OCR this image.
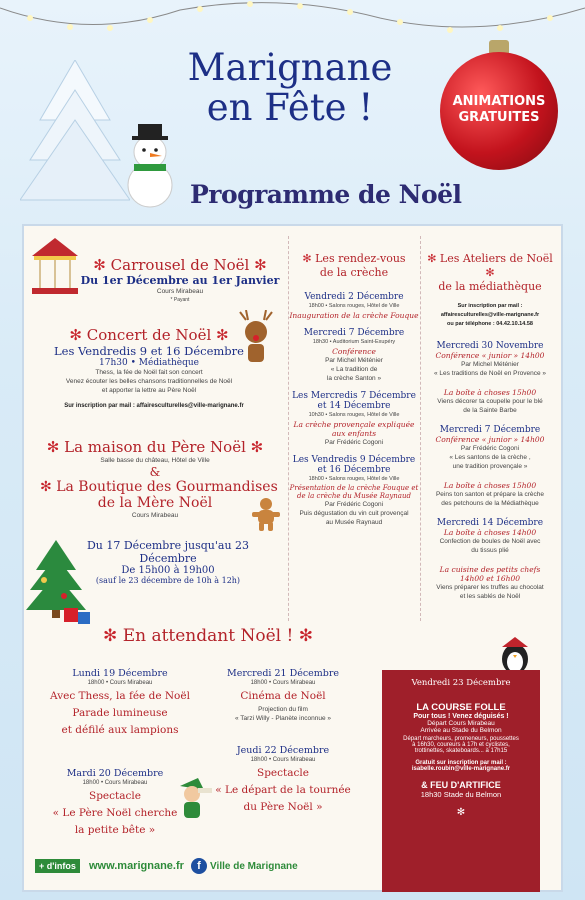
Marignane
en Fête !	ANIMATIONS
GRATUITES
Programme de Noël
✻ Carrousel de Noël ✻
Du 1er Décembre au 1er Janvier
Cours Mirabeau
* Payant
✻ Concert de Noël ✻
Les Vendredis 9 et 16 Décembre
17h30 • Médiathèque
Thess, la fée de Noël fait son concert
Venez écouter les belles chansons traditionnelles de Noël
et apporter la lettre au Père Noël
Sur inscription par mail : affairesculturelles@ville-marignane.fr
✻ La maison du Père Noël ✻
Salle basse du château, Hôtel de Ville
&
✻ La Boutique des Gourmandises
de la Mère Noël
Cours Mirabeau
Du 17 Décembre jusqu'au 23 Décembre
De 15h00 à 19h00
(sauf le 23 décembre de 10h à 12h)
✻ Les rendez-vous
de la crèche
Vendredi 2 Décembre
18h00 • Salons rouges, Hôtel de Ville
Inauguration de la crèche Fouque
Mercredi 7 Décembre
18h30 • Auditorium Saint-Exupéry
Conférence
Par Michel Méténier
« La tradition de
la crèche Santon »
Les Mercredis 7 Décembre
et 14 Décembre
10h30 • Salons rouges, Hôtel de Ville
La crèche provençale expliquée
aux enfants
Par Frédéric Cogoni
Les Vendredis 9 Décembre
et 16 Décembre
18h00 • Salons rouges, Hôtel de Ville
Présentation de la crèche Fouque et
de la crèche du Musée Raynaud
Par Frédéric Cogoni
Puis dégustation du vin cuit provençal
au Musée Raynaud
✻ Les Ateliers de Noël ✻
de la médiathèque
Sur inscription par mail :
affairesculturelles@ville-marignane.fr
ou par téléphone : 04.42.10.14.58
Mercredi 30 Novembre
Conférence « junior » 14h00
Par Michel Méténier
« Les traditions de Noël en Provence »
La boîte à choses 15h00
Viens décorer ta coupelle pour le blé
de la Sainte Barbe
Mercredi 7 Décembre
Conférence « junior » 14h00
Par Frédéric Cogoni
« Les santons de la crèche ,
une tradition provençale »
La boîte à choses 15h00
Peins ton santon et prépare la crèche
des petchouns de la Médiathèque
Mercredi 14 Décembre
La boîte à choses 14h00
Confection de boules de Noël avec
du tissus plié
La cuisine des petits chefs
14h00 et 16h00
Viens préparer les truffes au chocolat
et les sablés de Noël
✻ En attendant Noël ! ✻
Lundi 19 Décembre
18h00 • Cours Mirabeau
Avec Thess, la fée de Noël
Parade lumineuse
et défilé aux lampions
Mardi 20 Décembre
18h00 • Cours Mirabeau
Spectacle
« Le Père Noël cherche
la petite bête »
Mercredi 21 Décembre
18h00 • Cours Mirabeau
Cinéma de Noël
Projection du film
« Tarzi Willy - Planète inconnue »
Jeudi 22 Décembre
18h00 • Cours Mirabeau
Spectacle
« Le départ de la tournée
du Père Noël »
Vendredi 23 Décembre
LA COURSE FOLLE
Pour tous ! Venez déguisés !
Départ Cours Mirabeau
Arrivée au Stade du Belmon
Départ marcheurs, promeneurs, poussettes
à 16h30, coureurs à 17h et cyclistes,
trottinettes, skateboards... à 17h15
Gratuit sur inscription par mail :
isabelle.roubin@ville-marignane.fr
& FEU D'ARTIFICE
18h30 Stade du Belmon
✻
+ d'infos www.marignane.fr f Ville de Marignane
